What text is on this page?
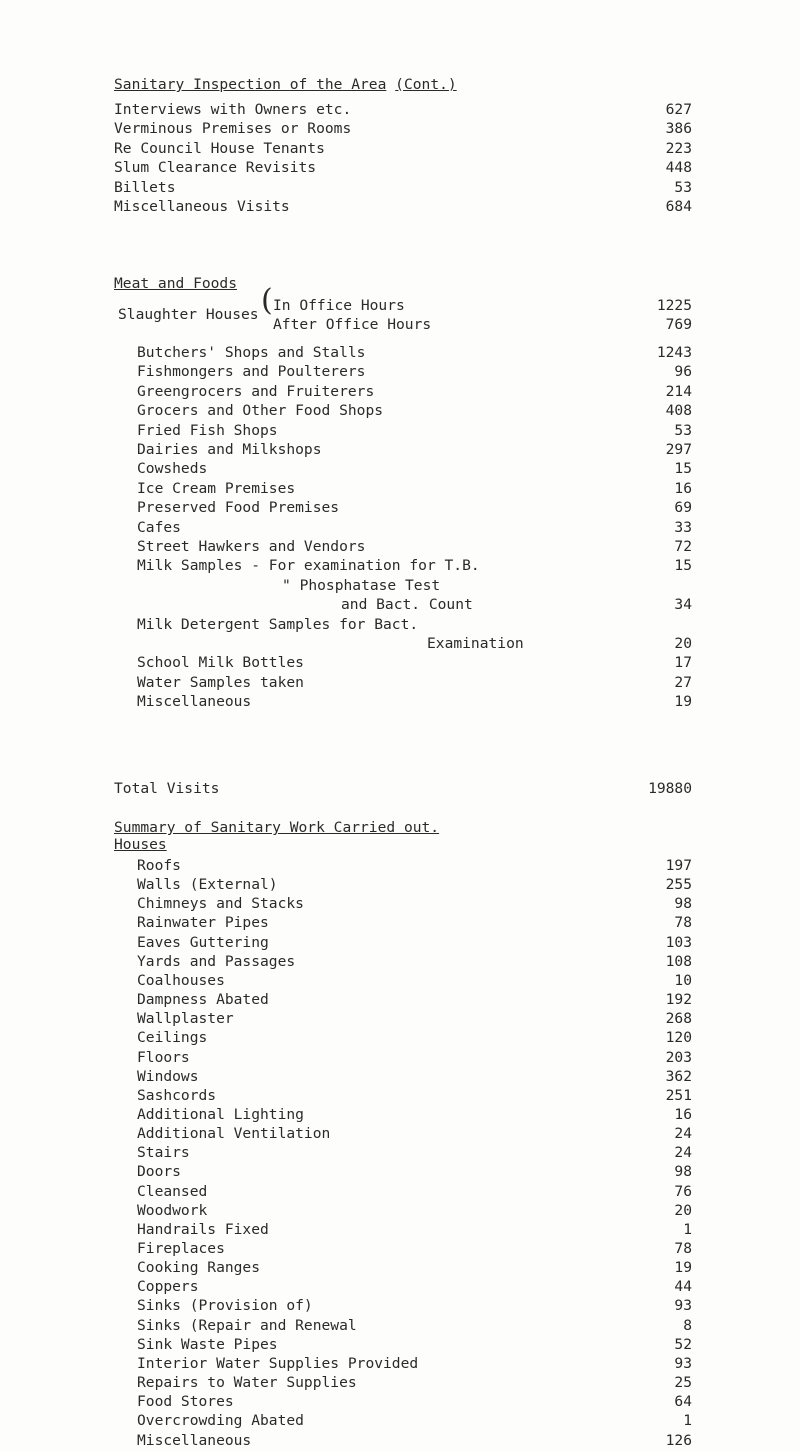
Sanitary Inspection of the Area (Cont.)
Interviews with Owners etc.	627
Verminous Premises or Rooms	386
Re Council House Tenants	223
Slum Clearance Revisits	448
Billets	53
Miscellaneous Visits	684
Meat and Foods
Slaughter Houses ( In Office Hours	1225
After Office Hours	769
Butchers' Shops and Stalls	1243
Fishmongers and Poulterers	96
Greengrocers and Fruiterers	214
Grocers and Other Food Shops	408
Fried Fish Shops	53
Dairies and Milkshops	297
Cowsheds	15
Ice Cream Premises	16
Preserved Food Premises	69
Cafes	33
Street Hawkers and Vendors	72
Milk Samples - For examination for T.B.	15
" Phosphatase Test
and Bact. Count	34
Milk Detergent Samples for Bact.
Examination	20
School Milk Bottles	17
Water Samples taken	27
Miscellaneous	19
Total Visits	19880
Summary of Sanitary Work Carried out.
Houses
Roofs	197
Walls (External)	255
Chimneys and Stacks	98
Rainwater Pipes	78
Eaves Guttering	103
Yards and Passages	108
Coalhouses	10
Dampness Abated	192
Wallplaster	268
Ceilings	120
Floors	203
Windows	362
Sashcords	251
Additional Lighting	16
Additional Ventilation	24
Stairs	24
Doors	98
Cleansed	76
Woodwork	20
Handrails Fixed	1
Fireplaces	78
Cooking Ranges	19
Coppers	44
Sinks (Provision of)	93
Sinks (Repair and Renewal	8
Sink Waste Pipes	52
Interior Water Supplies Provided	93
Repairs to Water Supplies	25
Food Stores	64
Overcrowding Abated	1
Miscellaneous	126
